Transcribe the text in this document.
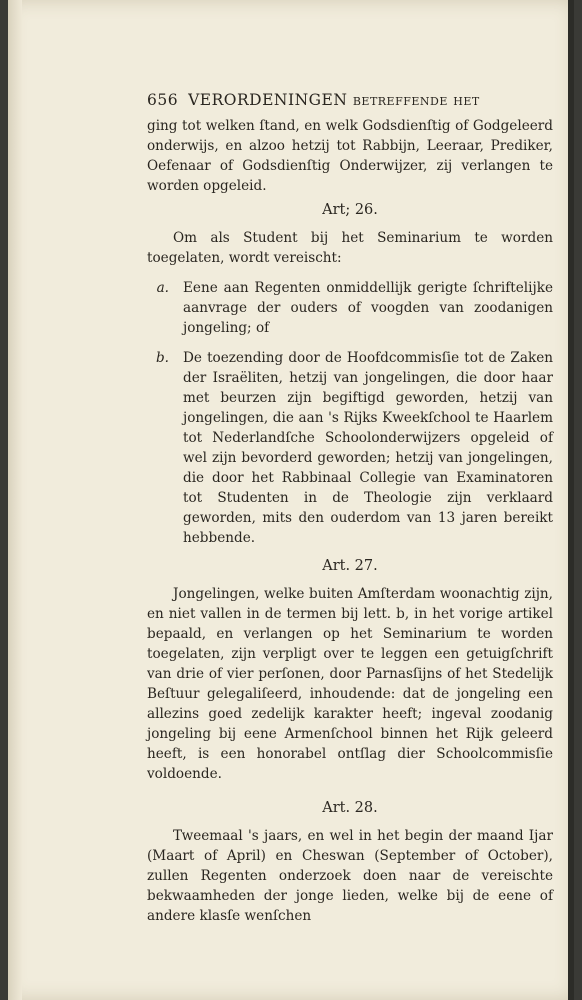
656 VERORDENINGEN betreffende het

ging tot welken ſtand, en welk Godsdienſtig of Godgeleerd onderwijs, en alzoo hetzij tot Rabbijn, Leeraar, Prediker, Oefenaar of Godsdienſtig Onderwijzer, zij verlangen te worden opgeleid.

Art; 26.

Om als Student bij het Seminarium te worden toegelaten, wordt vereischt:

a.	Eene aan Regenten onmiddellijk gerigte ſchriftelijke aanvrage der ouders of voogden van zoodanigen jongeling; of
b.	De toezending door de Hoofdcommisſie tot de Zaken der Israëliten, hetzij van jongelingen, die door haar met beurzen zijn begiftigd geworden, hetzij van jongelingen, die aan 's Rijks Kweekſchool te Haarlem tot Nederlandſche Schoolonderwijzers opgeleid of wel zijn bevorderd geworden; hetzij van jongelingen, die door het Rabbinaal Collegie van Examinatoren tot Studenten in de Theologie zijn verklaard geworden, mits den ouderdom van 13 jaren bereikt hebbende.
Art. 27.

Jongelingen, welke buiten Amſterdam woonachtig zijn, en niet vallen in de termen bij lett. b, in het vorige artikel bepaald, en verlangen op het Seminarium te worden toegelaten, zijn verpligt over te leggen een getuigſchrift van drie of vier perſonen, door Parnasſijns of het Stedelijk Beſtuur gelegaliſeerd, inhoudende: dat de jongeling een allezins goed zedelijk karakter heeft; ingeval zoodanig jongeling bij eene Armenſchool binnen het Rijk geleerd heeft, is een honorabel ontſlag dier Schoolcommisſie voldoende.

Art. 28.

Tweemaal 's jaars, en wel in het begin der maand Ijar (Maart of April) en Cheswan (September of October), zullen Regenten onderzoek doen naar de vereischte bekwaamheden der jonge lieden, welke bij de eene of andere klasſe wenſchen
